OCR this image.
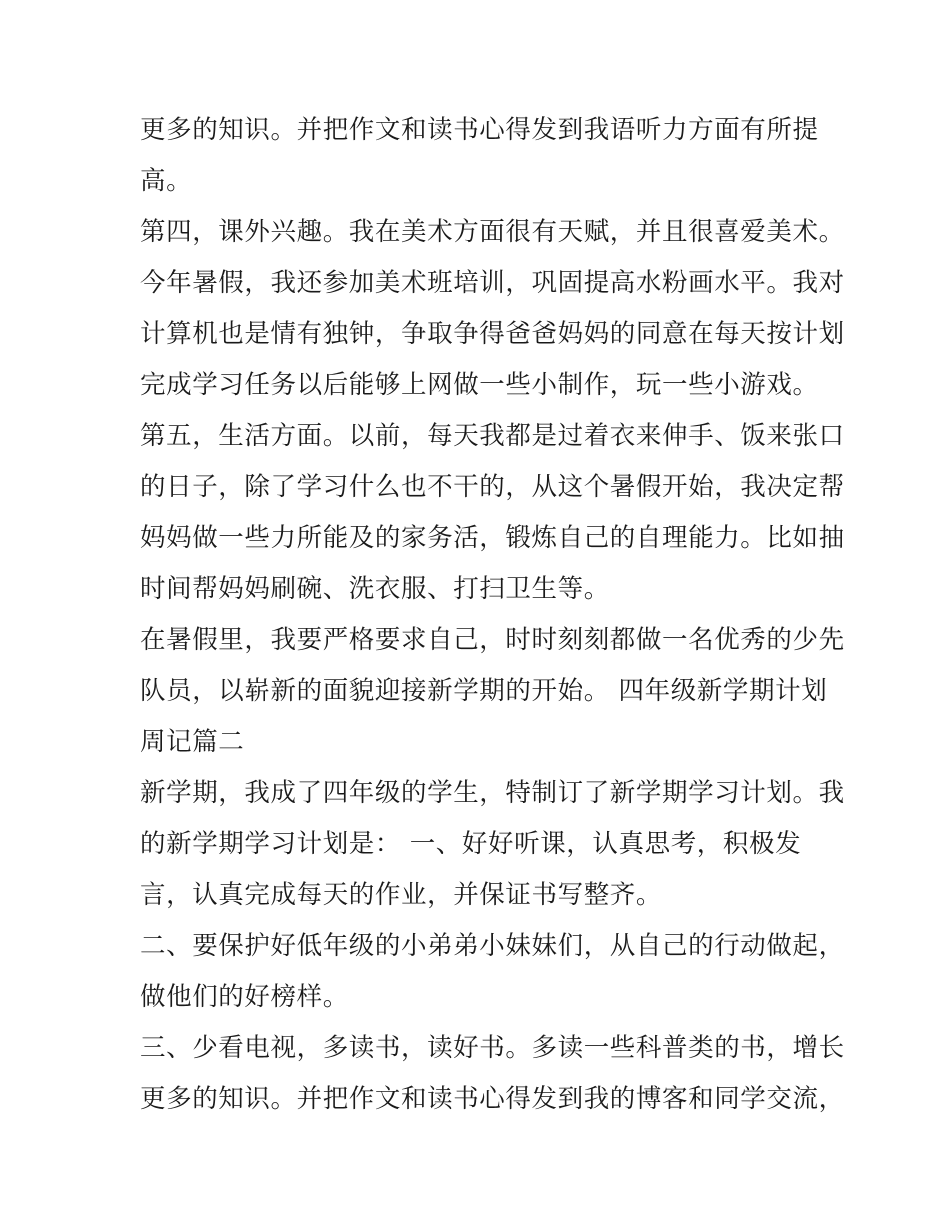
更多的知识。并把作文和读书心得发到我语听力方面有所提
高。
第四，课外兴趣。我在美术方面很有天赋，并且很喜爱美术。
今年暑假，我还参加美术班培训，巩固提高水粉画水平。我对
计算机也是情有独钟，争取争得爸爸妈妈的同意在每天按计划
完成学习任务以后能够上网做一些小制作，玩一些小游戏。
第五，生活方面。以前，每天我都是过着衣来伸手、饭来张口
的日子，除了学习什么也不干的，从这个暑假开始，我决定帮
妈妈做一些力所能及的家务活，锻炼自己的自理能力。比如抽
时间帮妈妈刷碗、洗衣服、打扫卫生等。
在暑假里，我要严格要求自己，时时刻刻都做一名优秀的少先
队员，以崭新的面貌迎接新学期的开始。 四年级新学期计划
周记篇二
新学期，我成了四年级的学生，特制订了新学期学习计划。我
的新学期学习计划是： 一、好好听课，认真思考，积极发
言，认真完成每天的作业，并保证书写整齐。
二、要保护好低年级的小弟弟小妹妹们，从自己的行动做起，
做他们的好榜样。
三、少看电视，多读书，读好书。多读一些科普类的书，增长
更多的知识。并把作文和读书心得发到我的博客和同学交流，
